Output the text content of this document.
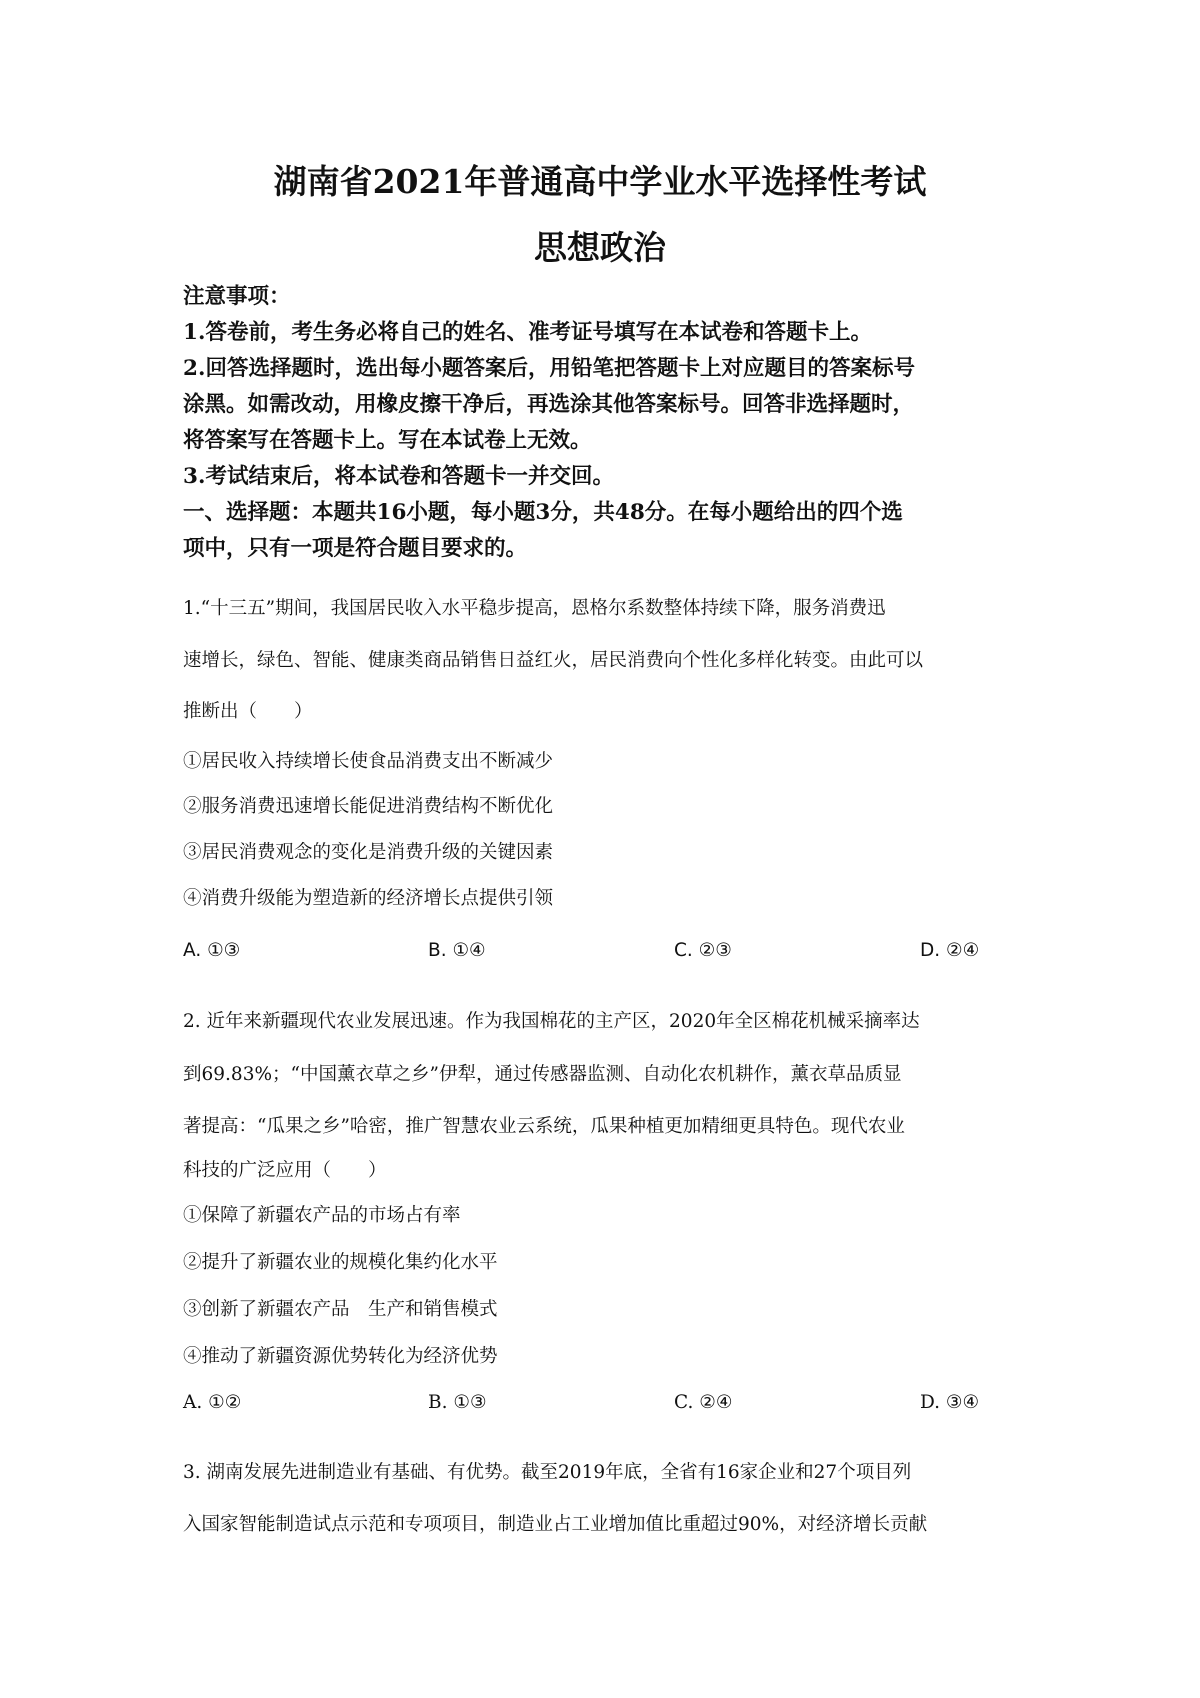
湖南省2021年普通高中学业水平选择性考试
思想政治

注意事项：

1.答卷前，考生务必将自己的姓名、准考证号填写在本试卷和答题卡上。

2.回答选择题时，选出每小题答案后，用铅笔把答题卡上对应题目的答案标号

涂黑。如需改动，用橡皮擦干净后，再选涂其他答案标号。回答非选择题时，

将答案写在答题卡上。写在本试卷上无效。

3.考试结束后，将本试卷和答题卡一并交回。

一、选择题：本题共16小题，每小题3分，共48分。在每小题给出的四个选

项中，只有一项是符合题目要求的。

1.“十三五”期间，我国居民收入水平稳步提高，恩格尔系数整体持续下降，服务消费迅

速增长，绿色、智能、健康类商品销售日益红火，居民消费向个性化多样化转变。由此可以

推断出（　　）

①居民收入持续增长使食品消费支出不断减少

②服务消费迅速增长能促进消费结构不断优化

③居民消费观念的变化是消费升级的关键因素

④消费升级能为塑造新的经济增长点提供引领

A. ①③	B. ①④	C. ②③	D. ②④

2. 近年来新疆现代农业发展迅速。作为我国棉花的主产区，2020年全区棉花机械采摘率达

到69.83%；“中国薰衣草之乡”伊犁，通过传感器监测、自动化农机耕作，薰衣草品质显

著提高：“瓜果之乡”哈密，推广智慧农业云系统，瓜果种植更加精细更具特色。现代农业

科技的广泛应用（　　）

①保障了新疆农产品的市场占有率

②提升了新疆农业的规模化集约化水平

③创新了新疆农产品　生产和销售模式

④推动了新疆资源优势转化为经济优势

A. ①②	B. ①③	C. ②④	D. ③④

3. 湖南发展先进制造业有基础、有优势。截至2019年底，全省有16家企业和27个项目列

入国家智能制造试点示范和专项项目，制造业占工业增加值比重超过90%，对经济增长贡献
